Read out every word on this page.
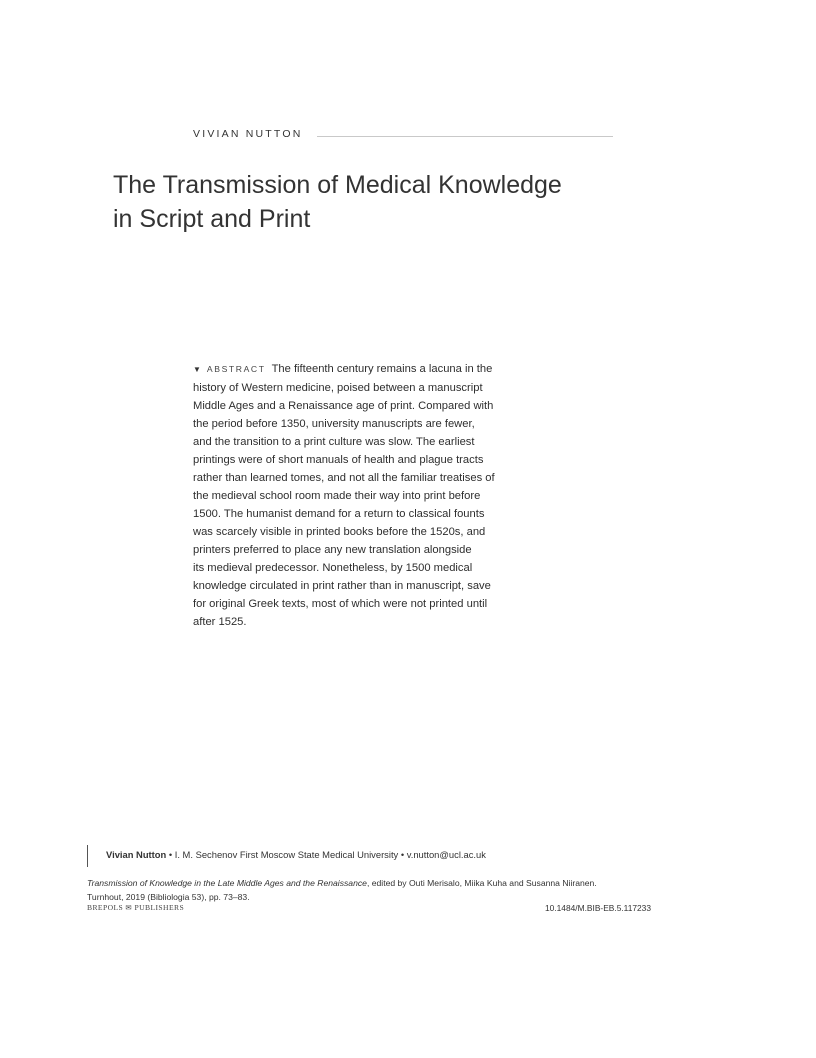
VIVIAN NUTTON
The Transmission of Medical Knowledge
in Script and Print
▼ ABSTRACT The fifteenth century remains a lacuna in the
history of Western medicine, poised between a manuscript
Middle Ages and a Renaissance age of print. Compared with
the period before 1350, university manuscripts are fewer,
and the transition to a print culture was slow. The earliest
printings were of short manuals of health and plague tracts
rather than learned tomes, and not all the familiar treatises of
the medieval school room made their way into print before
1500. The humanist demand for a return to classical founts
was scarcely visible in printed books before the 1520s, and
printers preferred to place any new translation alongside
its medieval predecessor. Nonetheless, by 1500 medical
knowledge circulated in print rather than in manuscript, save
for original Greek texts, most of which were not printed until
after 1525.
Vivian Nutton • I. M. Sechenov First Moscow State Medical University • v.nutton@ucl.ac.uk
Transmission of Knowledge in the Late Middle Ages and the Renaissance, edited by Outi Merisalo, Miika Kuha and Susanna Niiranen.
Turnhout, 2019 (Bibliologia 53), pp. 73–83.
BREPOLS ✉ PUBLISHERS	10.1484/M.BIB-EB.5.117233
